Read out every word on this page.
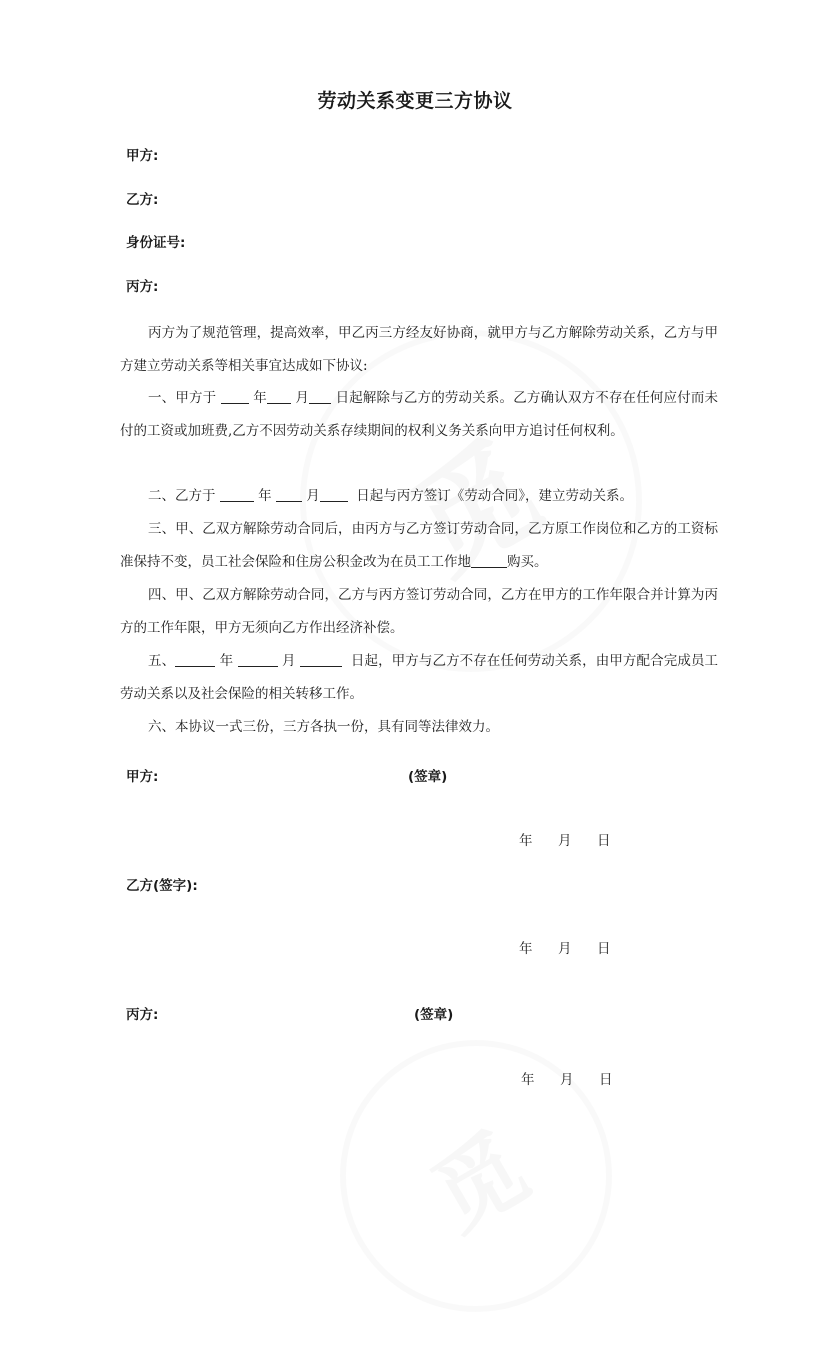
劳动关系变更三方协议
甲方:
乙方:
身份证号:
丙方:

丙方为了规范管理，提高效率，甲乙丙三方经友好协商，就甲方与乙方解除劳动关系，乙方与甲方建立劳动关系等相关事宜达成如下协议:

一、甲方于	年 月 日起解除与乙方的劳动关系。乙方确认双方不存在任何应付而未付的工资或加班费,乙方不因劳动关系存续期间的权利义务关系向甲方追讨任何权利。

二、乙方于	年	月	日起与丙方签订《劳动合同》，建立劳动关系。

三、甲、乙双方解除劳动合同后，由丙方与乙方签订劳动合同，乙方原工作岗位和乙方的工资标准保持不变，员工社会保险和住房公积金改为在员工工作地	购买。

四、甲、乙双方解除劳动合同，乙方与丙方签订劳动合同，乙方在甲方的工作年限合并计算为丙方的工作年限，甲方无须向乙方作出经济补偿。

五、	年	月	日起，甲方与乙方不存在任何劳动关系，由甲方配合完成员工劳动关系以及社会保险的相关转移工作。

六、本协议一式三份，三方各执一份，具有同等法律效力。

甲方:	(签章)
年 月 日
乙方(签字):
年 月 日
丙方:	(签章)
年 月 日
